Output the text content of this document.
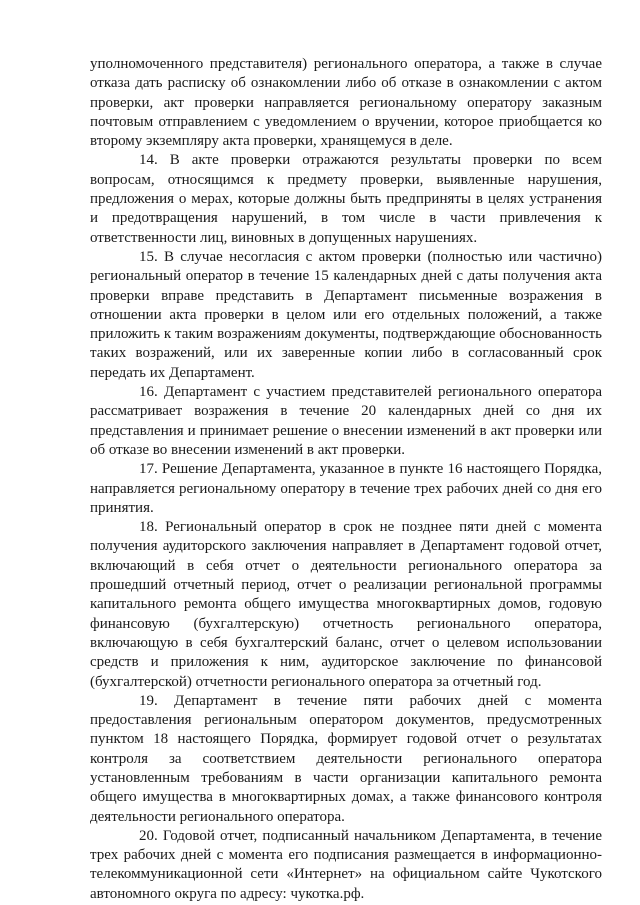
уполномоченного представителя) регионального оператора, а также в случае отказа дать расписку об ознакомлении либо об отказе в ознакомлении с актом проверки, акт проверки направляется региональному оператору заказным почтовым отправлением с уведомлением о вручении, которое приобщается ко второму экземпляру акта проверки, хранящемуся в деле.

14. В акте проверки отражаются результаты проверки по всем вопросам, относящимся к предмету проверки, выявленные нарушения, предложения о мерах, которые должны быть предприняты в целях устранения и предотвращения нарушений, в том числе в части привлечения к ответственности лиц, виновных в допущенных нарушениях.

15. В случае несогласия с актом проверки (полностью или частично) региональный оператор в течение 15 календарных дней с даты получения акта проверки вправе представить в Департамент письменные возражения в отношении акта проверки в целом или его отдельных положений, а также приложить к таким возражениям документы, подтверждающие обоснованность таких возражений, или их заверенные копии либо в согласованный срок передать их Департамент.

16. Департамент с участием представителей регионального оператора рассматривает возражения в течение 20 календарных дней со дня их представления и принимает решение о внесении изменений в акт проверки или об отказе во внесении изменений в акт проверки.

17. Решение Департамента, указанное в пункте 16 настоящего Порядка, направляется региональному оператору в течение трех рабочих дней со дня его принятия.

18. Региональный оператор в срок не позднее пяти дней с момента получения аудиторского заключения направляет в Департамент годовой отчет, включающий в себя отчет о деятельности регионального оператора за прошедший отчетный период, отчет о реализации региональной программы капитального ремонта общего имущества многоквартирных домов, годовую финансовую (бухгалтерскую) отчетность регионального оператора, включающую в себя бухгалтерский баланс, отчет о целевом использовании средств и приложения к ним, аудиторское заключение по финансовой (бухгалтерской) отчетности регионального оператора за отчетный год.

19. Департамент в течение пяти рабочих дней с момента предоставления региональным оператором документов, предусмотренных пунктом 18 настоящего Порядка, формирует годовой отчет о результатах контроля за соответствием деятельности регионального оператора установленным требованиям в части организации капитального ремонта общего имущества в многоквартирных домах, а также финансового контроля деятельности регионального оператора.

20. Годовой отчет, подписанный начальником Департамента, в течение трех рабочих дней с момента его подписания размещается в информационно-телекоммуникационной сети «Интернет» на официальном сайте Чукотского автономного округа по адресу: чукотка.рф.
